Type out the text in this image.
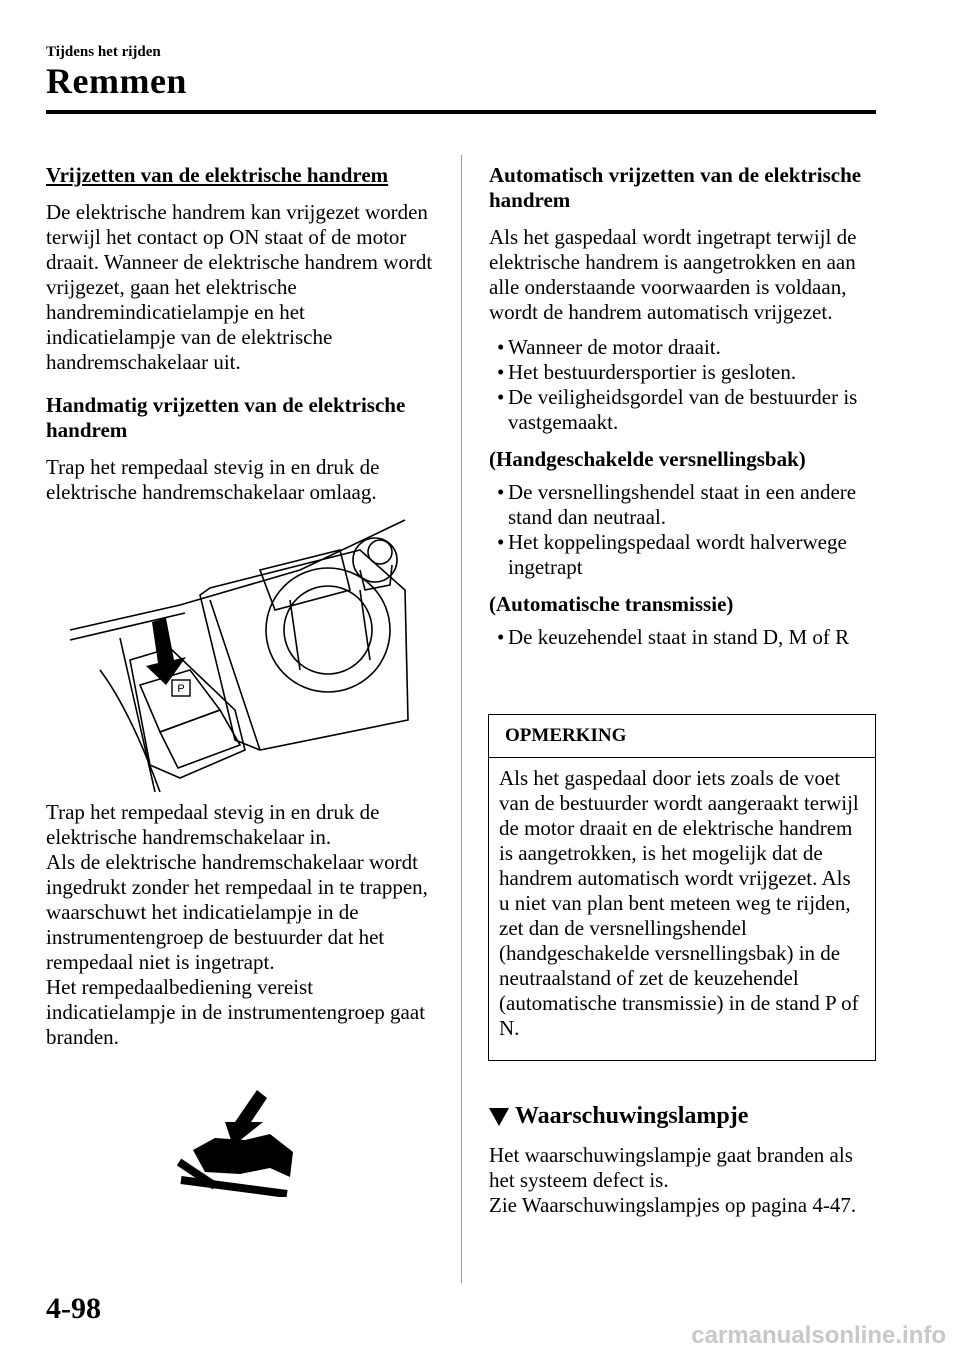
Tijdens het rijden
Remmen

Vrijzetten van de elektrische handrem

De elektrische handrem kan vrijgezet worden terwijl het contact op ON staat of de motor draait. Wanneer de elektrische handrem wordt vrijgezet, gaan het elektrische handremindicatielampje en het indicatielampje van de elektrische handremschakelaar uit.

Handmatig vrijzetten van de elektrische handrem

Trap het rempedaal stevig in en druk de elektrische handremschakelaar omlaag.

P

Trap het rempedaal stevig in en druk de elektrische handremschakelaar in.

Als de elektrische handremschakelaar wordt ingedrukt zonder het rempedaal in te trappen, waarschuwt het indicatielampje in de instrumentengroep de bestuurder dat het rempedaal niet is ingetrapt.

Het rempedaalbediening vereist indicatielampje in de instrumentengroep gaat branden.

Automatisch vrijzetten van de elektrische handrem

Als het gaspedaal wordt ingetrapt terwijl de elektrische handrem is aangetrokken en aan alle onderstaande voorwaarden is voldaan, wordt de handrem automatisch vrijgezet.

• Wanneer de motor draait.
• Het bestuurdersportier is gesloten.
• De veiligheidsgordel van de bestuurder is vastgemaakt.

(Handgeschakelde versnellingsbak)

• De versnellingshendel staat in een andere stand dan neutraal.
• Het koppelingspedaal wordt halverwege ingetrapt

(Automatische transmissie)

• De keuzehendel staat in stand D, M of R
OPMERKING
Als het gaspedaal door iets zoals de voet van de bestuurder wordt aangeraakt terwijl de motor draait en de elektrische handrem is aangetrokken, is het mogelijk dat de handrem automatisch wordt vrijgezet. Als u niet van plan bent meteen weg te rijden, zet dan de versnellingshendel (handgeschakelde versnellingsbak) in de neutraalstand of zet de keuzehendel (automatische transmissie) in de stand P of N.
Waarschuwingslampje

Het waarschuwingslampje gaat branden als het systeem defect is.

Zie Waarschuwingslampjes op pagina 4-47.

4-98
carmanualsonline.info
